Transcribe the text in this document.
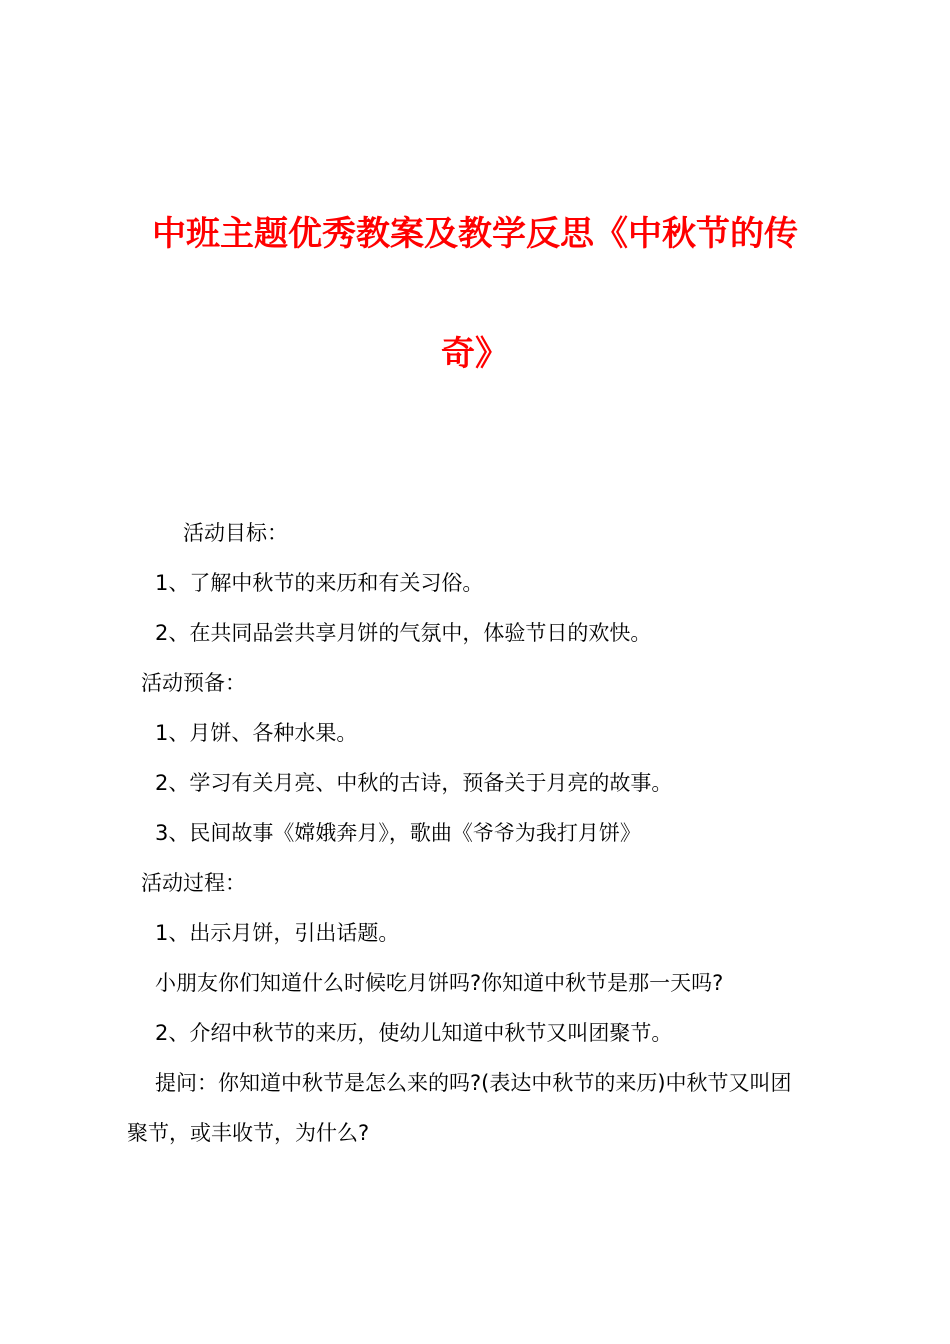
中班主题优秀教案及教学反思《中秋节的传
奇》
活动目标：
1、了解中秋节的来历和有关习俗。
2、在共同品尝共享月饼的气氛中，体验节日的欢快。
活动预备：
1、月饼、各种水果。
2、学习有关月亮、中秋的古诗，预备关于月亮的故事。
3、民间故事《嫦娥奔月》，歌曲《爷爷为我打月饼》
活动过程：
1、出示月饼，引出话题。
小朋友你们知道什么时候吃月饼吗?你知道中秋节是那一天吗?
2、介绍中秋节的来历，使幼儿知道中秋节又叫团聚节。
提问：你知道中秋节是怎么来的吗?(表达中秋节的来历)中秋节又叫团
聚节，或丰收节，为什么?
